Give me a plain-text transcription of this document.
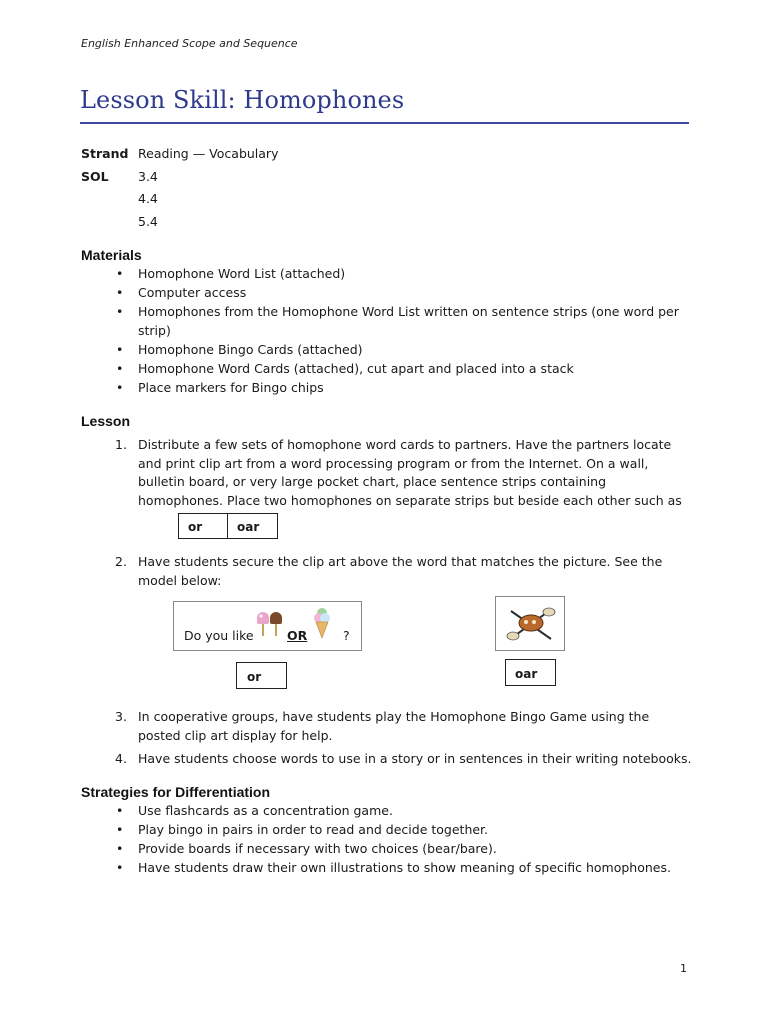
English Enhanced Scope and Sequence
Lesson Skill: Homophones
Strand Reading — Vocabulary
SOL 3.4
4.4
5.4
Materials
• Homophone Word List (attached)
• Computer access
• Homophones from the Homophone Word List written on sentence strips (one word per strip)
• Homophone Bingo Cards (attached)
• Homophone Word Cards (attached), cut apart and placed into a stack
• Place markers for Bingo chips
Lesson
1. Distribute a few sets of homophone word cards to partners. Have the partners locate and print clip art from a word processing program or from the Internet. On a wall, bulletin board, or very large pocket chart, place sentence strips containing homophones. Place two homophones on separate strips but beside each other such as
or	oar
2. Have students secure the clip art above the word that matches the picture. See the model below:
Do you like	OR	?
or	oar
3. In cooperative groups, have students play the Homophone Bingo Game using the posted clip art display for help.
4. Have students choose words to use in a story or in sentences in their writing notebooks.
Strategies for Differentiation
• Use flashcards as a concentration game.
• Play bingo in pairs in order to read and decide together.
• Provide boards if necessary with two choices (bear/bare).
• Have students draw their own illustrations to show meaning of specific homophones.
1
